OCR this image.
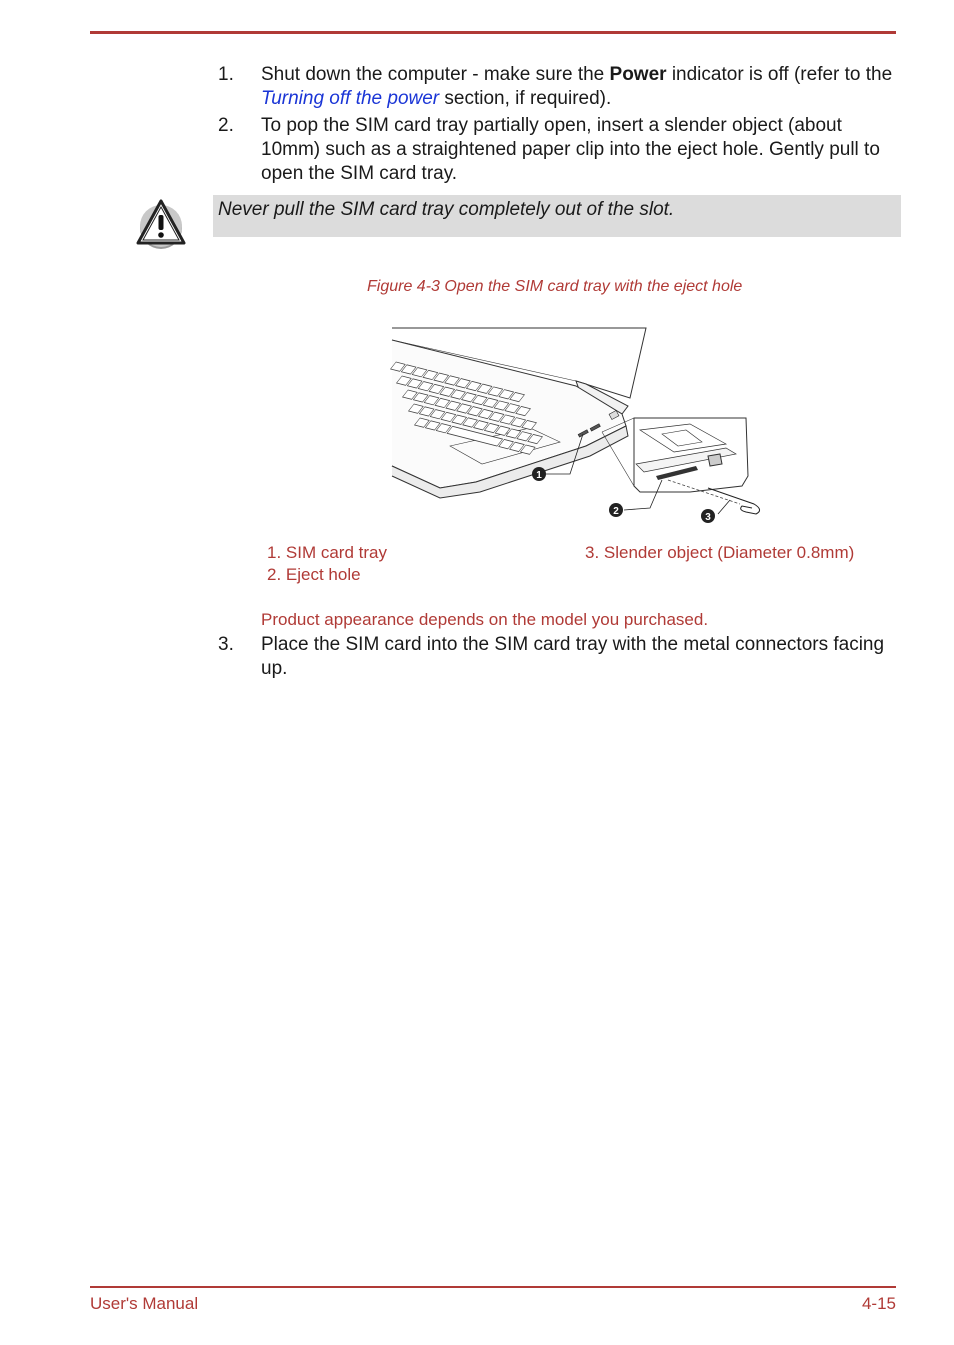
1. Shut down the computer - make sure the Power indicator is off (refer to the Turning off the power section, if required).
2. To pop the SIM card tray partially open, insert a slender object (about 10mm) such as a straightened paper clip into the eject hole. Gently pull to open the SIM card tray.
Never pull the SIM card tray completely out of the slot.
Figure 4-3 Open the SIM card tray with the eject hole
1
2
3
1. SIM card tray
2. Eject hole
3. Slender object (Diameter 0.8mm)
Product appearance depends on the model you purchased.
3. Place the SIM card into the SIM card tray with the metal connectors facing up.
User's Manual	4-15
